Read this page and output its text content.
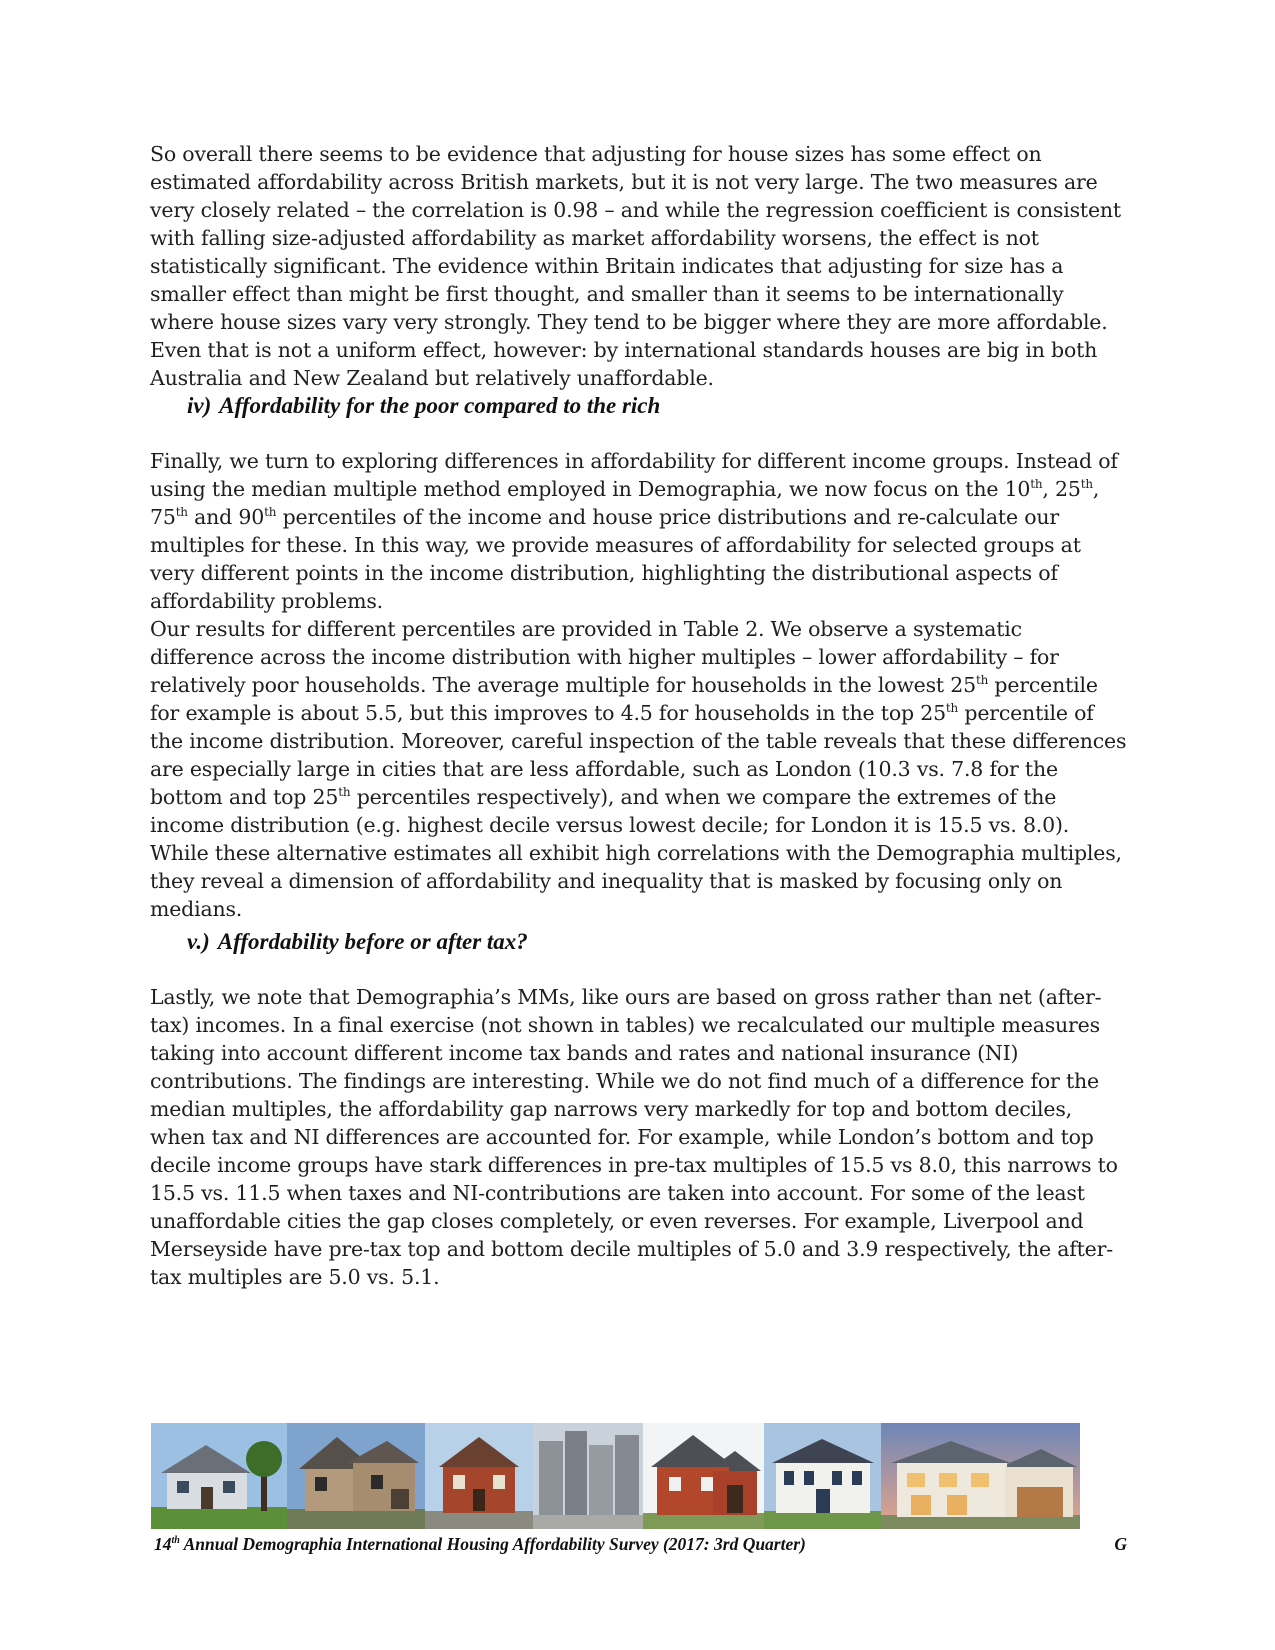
So overall there seems to be evidence that adjusting for house sizes has some effect on estimated affordability across British markets, but it is not very large. The two measures are very closely related – the correlation is 0.98 – and while the regression coefficient is consistent with falling size-adjusted affordability as market affordability worsens, the effect is not statistically significant. The evidence within Britain indicates that adjusting for size has a smaller effect than might be first thought, and smaller than it seems to be internationally where house sizes vary very strongly. They tend to be bigger where they are more affordable. Even that is not a uniform effect, however: by international standards houses are big in both Australia and New Zealand but relatively unaffordable.

iv) Affordability for the poor compared to the rich

Finally, we turn to exploring differences in affordability for different income groups. Instead of using the median multiple method employed in Demographia, we now focus on the 10th, 25th, 75th and 90th percentiles of the income and house price distributions and re-calculate our multiples for these. In this way, we provide measures of affordability for selected groups at very different points in the income distribution, highlighting the distributional aspects of affordability problems.

Our results for different percentiles are provided in Table 2. We observe a systematic difference across the income distribution with higher multiples – lower affordability – for relatively poor households. The average multiple for households in the lowest 25th percentile for example is about 5.5, but this improves to 4.5 for households in the top 25th percentile of the income distribution. Moreover, careful inspection of the table reveals that these differences are especially large in cities that are less affordable, such as London (10.3 vs. 7.8 for the bottom and top 25th percentiles respectively), and when we compare the extremes of the income distribution (e.g. highest decile versus lowest decile; for London it is 15.5 vs. 8.0). While these alternative estimates all exhibit high correlations with the Demographia multiples, they reveal a dimension of affordability and inequality that is masked by focusing only on medians.

v.) Affordability before or after tax?

Lastly, we note that Demographia’s MMs, like ours are based on gross rather than net (after-tax) incomes. In a final exercise (not shown in tables) we recalculated our multiple measures taking into account different income tax bands and rates and national insurance (NI) contributions. The findings are interesting. While we do not find much of a difference for the median multiples, the affordability gap narrows very markedly for top and bottom deciles, when tax and NI differences are accounted for. For example, while London’s bottom and top decile income groups have stark differences in pre-tax multiples of 15.5 vs 8.0, this narrows to 15.5 vs. 11.5 when taxes and NI-contributions are taken into account. For some of the least unaffordable cities the gap closes completely, or even reverses. For example, Liverpool and Merseyside have pre-tax top and bottom decile multiples of 5.0 and 3.9 respectively, the after-tax multiples are 5.0 vs. 5.1.

14th Annual Demographia International Housing Affordability Survey (2017: 3rd Quarter)	G
